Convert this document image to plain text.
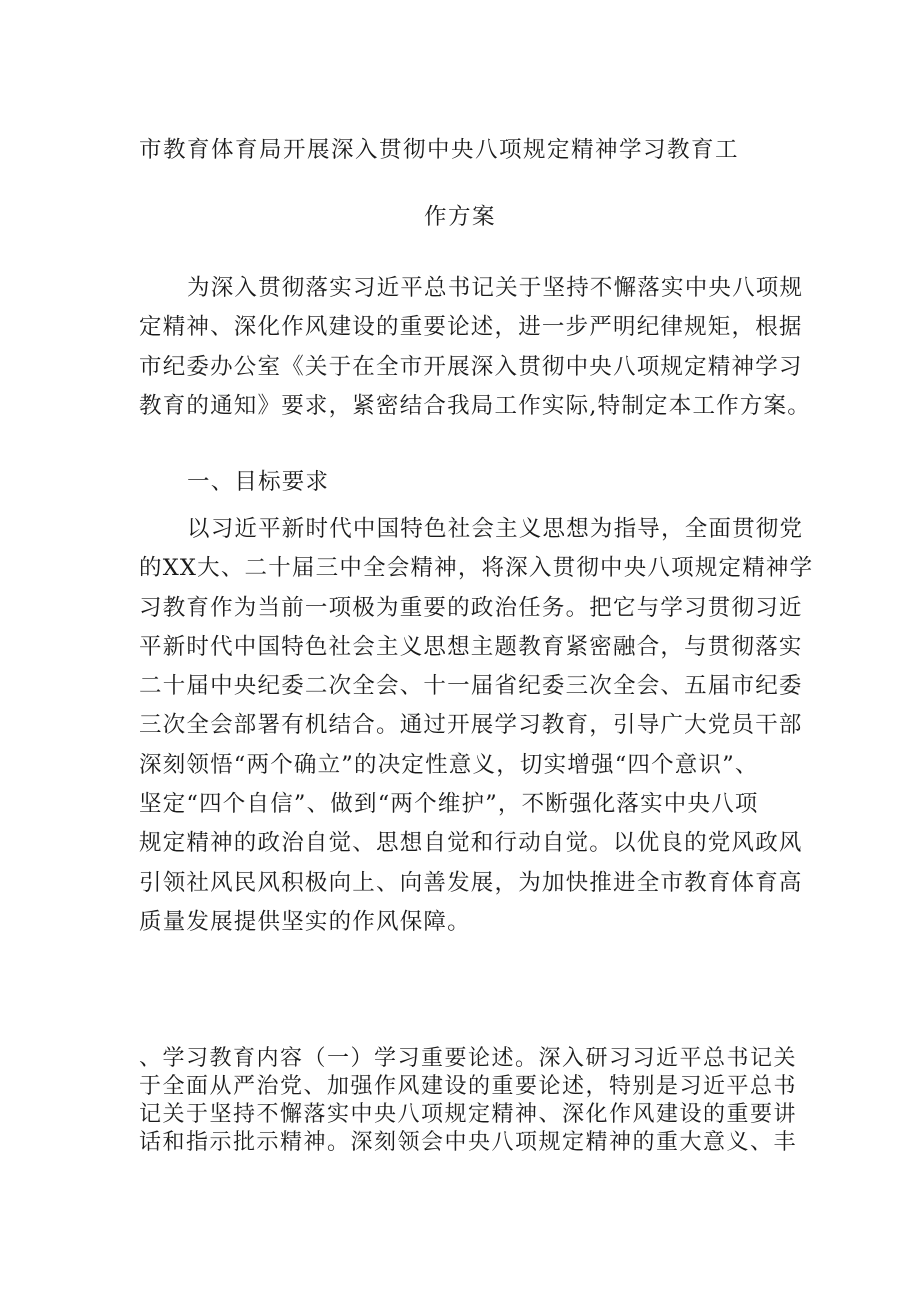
市教育体育局开展深入贯彻中央八项规定精神学习教育工
作方案
为深入贯彻落实习近平总书记关于坚持不懈落实中央八项规
定精神、深化作风建设的重要论述，进一步严明纪律规矩，根据
市纪委办公室《关于在全市开展深入贯彻中央八项规定精神学习
教育的通知》要求，紧密结合我局工作实际,特制定本工作方案。
一、目标要求
以习近平新时代中国特色社会主义思想为指导，全面贯彻党
的XX大、二十届三中全会精神，将深入贯彻中央八项规定精神学
习教育作为当前一项极为重要的政治任务。把它与学习贯彻习近
平新时代中国特色社会主义思想主题教育紧密融合，与贯彻落实
二十届中央纪委二次全会、十一届省纪委三次全会、五届市纪委
三次全会部署有机结合。通过开展学习教育，引导广大党员干部
深刻领悟“两个确立”的决定性意义，切实增强“四个意识”、
坚定“四个自信”、做到“两个维护”，不断强化落实中央八项
规定精神的政治自觉、思想自觉和行动自觉。以优良的党风政风
引领社风民风积极向上、向善发展，为加快推进全市教育体育高
质量发展提供坚实的作风保障。
、学习教育内容（一）学习重要论述。深入研习习近平总书记关
于全面从严治党、加强作风建设的重要论述，特别是习近平总书
记关于坚持不懈落实中央八项规定精神、深化作风建设的重要讲
话和指示批示精神。深刻领会中央八项规定精神的重大意义、丰
